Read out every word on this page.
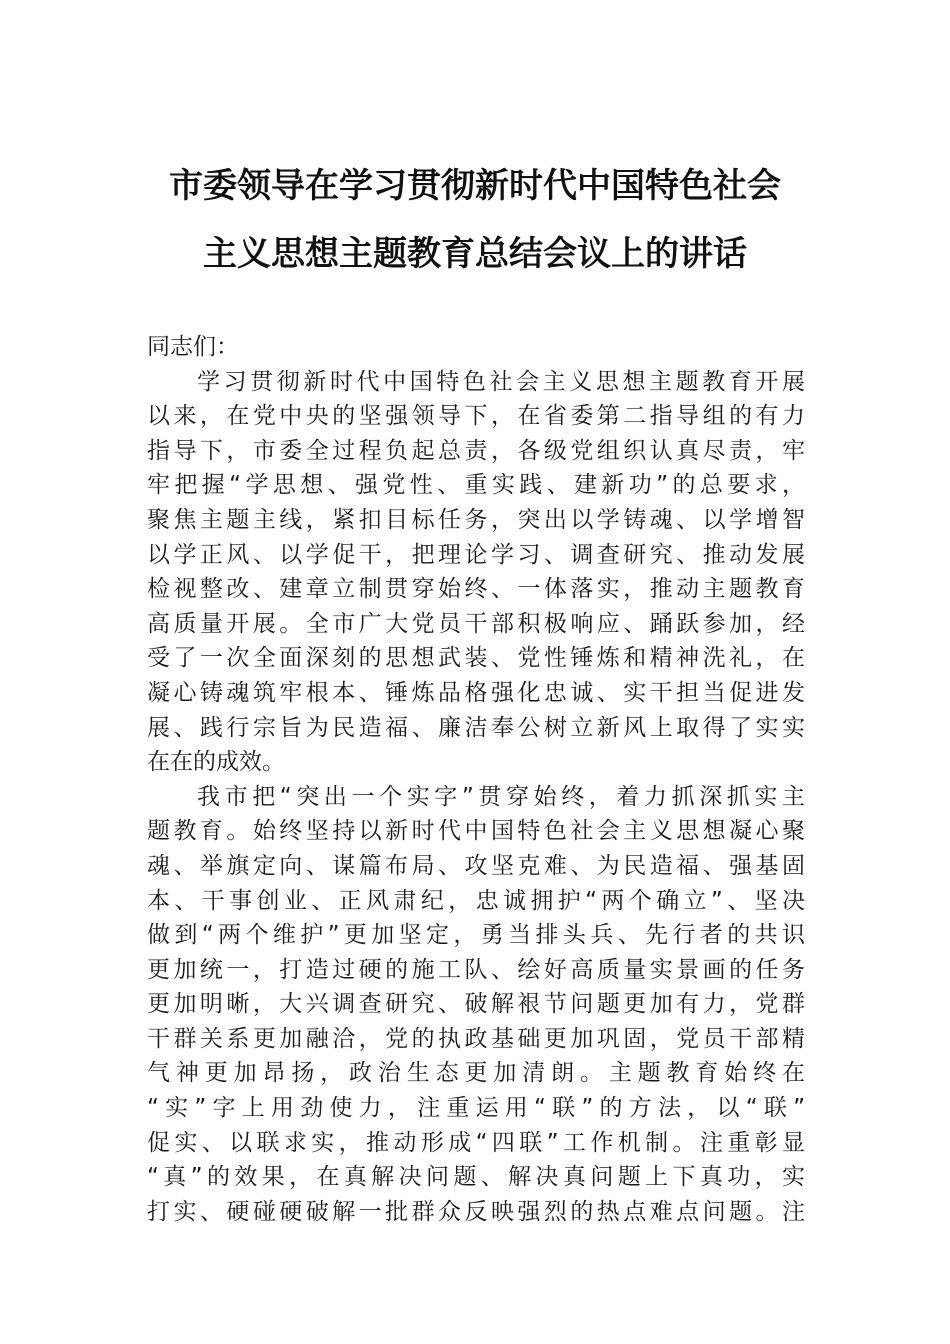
市委领导在学习贯彻新时代中国特色社会
主义思想主题教育总结会议上的讲话

同志们：

学习贯彻新时代中国特色社会主义思想主题教育开展
以来，在党中央的坚强领导下，在省委第二指导组的有力
指导下，市委全过程负起总责，各级党组织认真尽责，牢
牢把握“学思想、强党性、重实践、建新功”的总要求，
聚焦主题主线，紧扣目标任务，突出以学铸魂、以学增智
以学正风、以学促干，把理论学习、调查研究、推动发展
检视整改、建章立制贯穿始终、一体落实，推动主题教育
高质量开展。全市广大党员干部积极响应、踊跃参加，经
受了一次全面深刻的思想武装、党性锤炼和精神洗礼，在
凝心铸魂筑牢根本、锤炼品格强化忠诚、实干担当促进发
展、践行宗旨为民造福、廉洁奉公树立新风上取得了实实
在在的成效。

我市把“突出一个实字”贯穿始终，着力抓深抓实主
题教育。始终坚持以新时代中国特色社会主义思想凝心聚
魂、举旗定向、谋篇布局、攻坚克难、为民造福、强基固
本、干事创业、正风肃纪，忠诚拥护“两个确立”、坚决
做到“两个维护”更加坚定，勇当排头兵、先行者的共识
更加统一，打造过硬的施工队、绘好高质量实景画的任务
更加明晰，大兴调查研究、破解裉节问题更加有力，党群
干群关系更加融洽，党的执政基础更加巩固，党员干部精
气神更加昂扬，政治生态更加清朗。主题教育始终在
“实”字上用劲使力，注重运用“联”的方法，以“联”
促实、以联求实，推动形成“四联”工作机制。注重彰显
“真”的效果，在真解决问题、解决真问题上下真功，实
打实、硬碰硬破解一批群众反映强烈的热点难点问题。注
